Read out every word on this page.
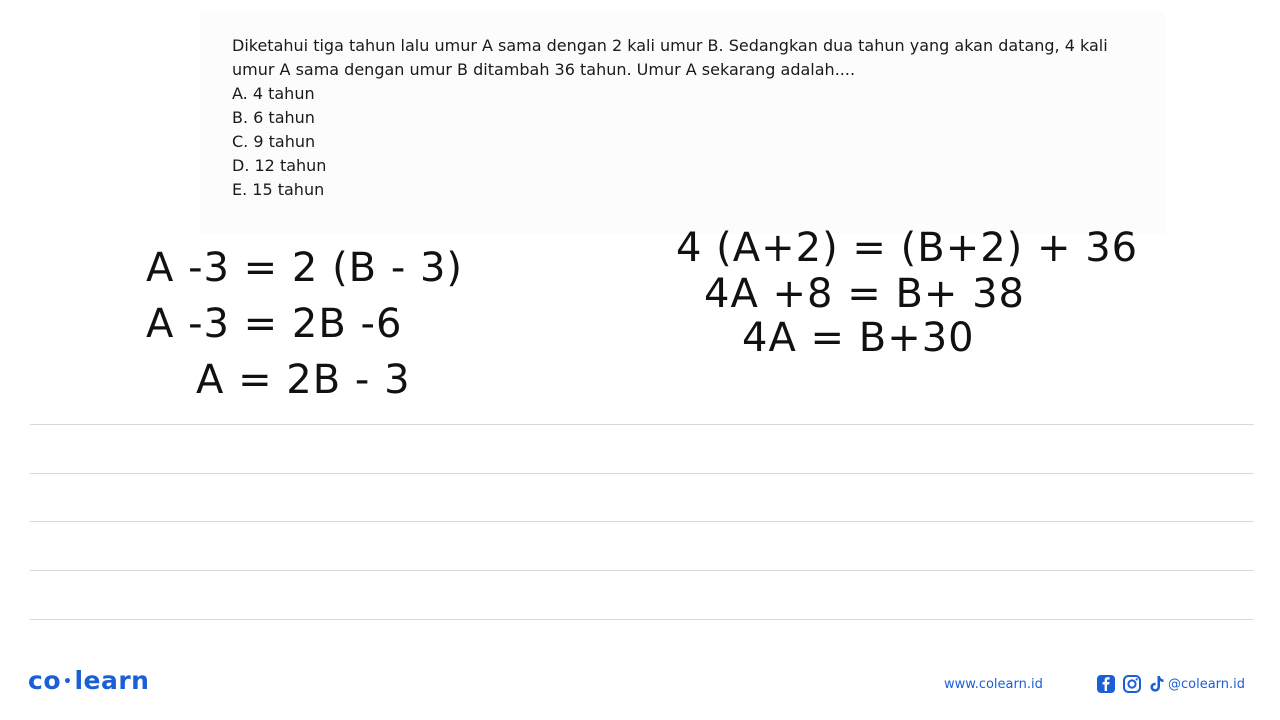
Diketahui tiga tahun lalu umur A sama dengan 2 kali umur B. Sedangkan dua tahun yang akan datang, 4 kali umur A sama dengan umur B ditambah 36 tahun. Umur A sekarang adalah....

A. 4 tahun
B. 6 tahun
C. 9 tahun
D. 12 tahun
E. 15 tahun
A -3 = 2 (B - 3)
A -3 = 2B -6
A = 2B - 3
4 (A+2) = (B+2) + 36
4A +8 = B+ 38
4A = B+30
co •learn	www.colearn.id	@colearn.id
